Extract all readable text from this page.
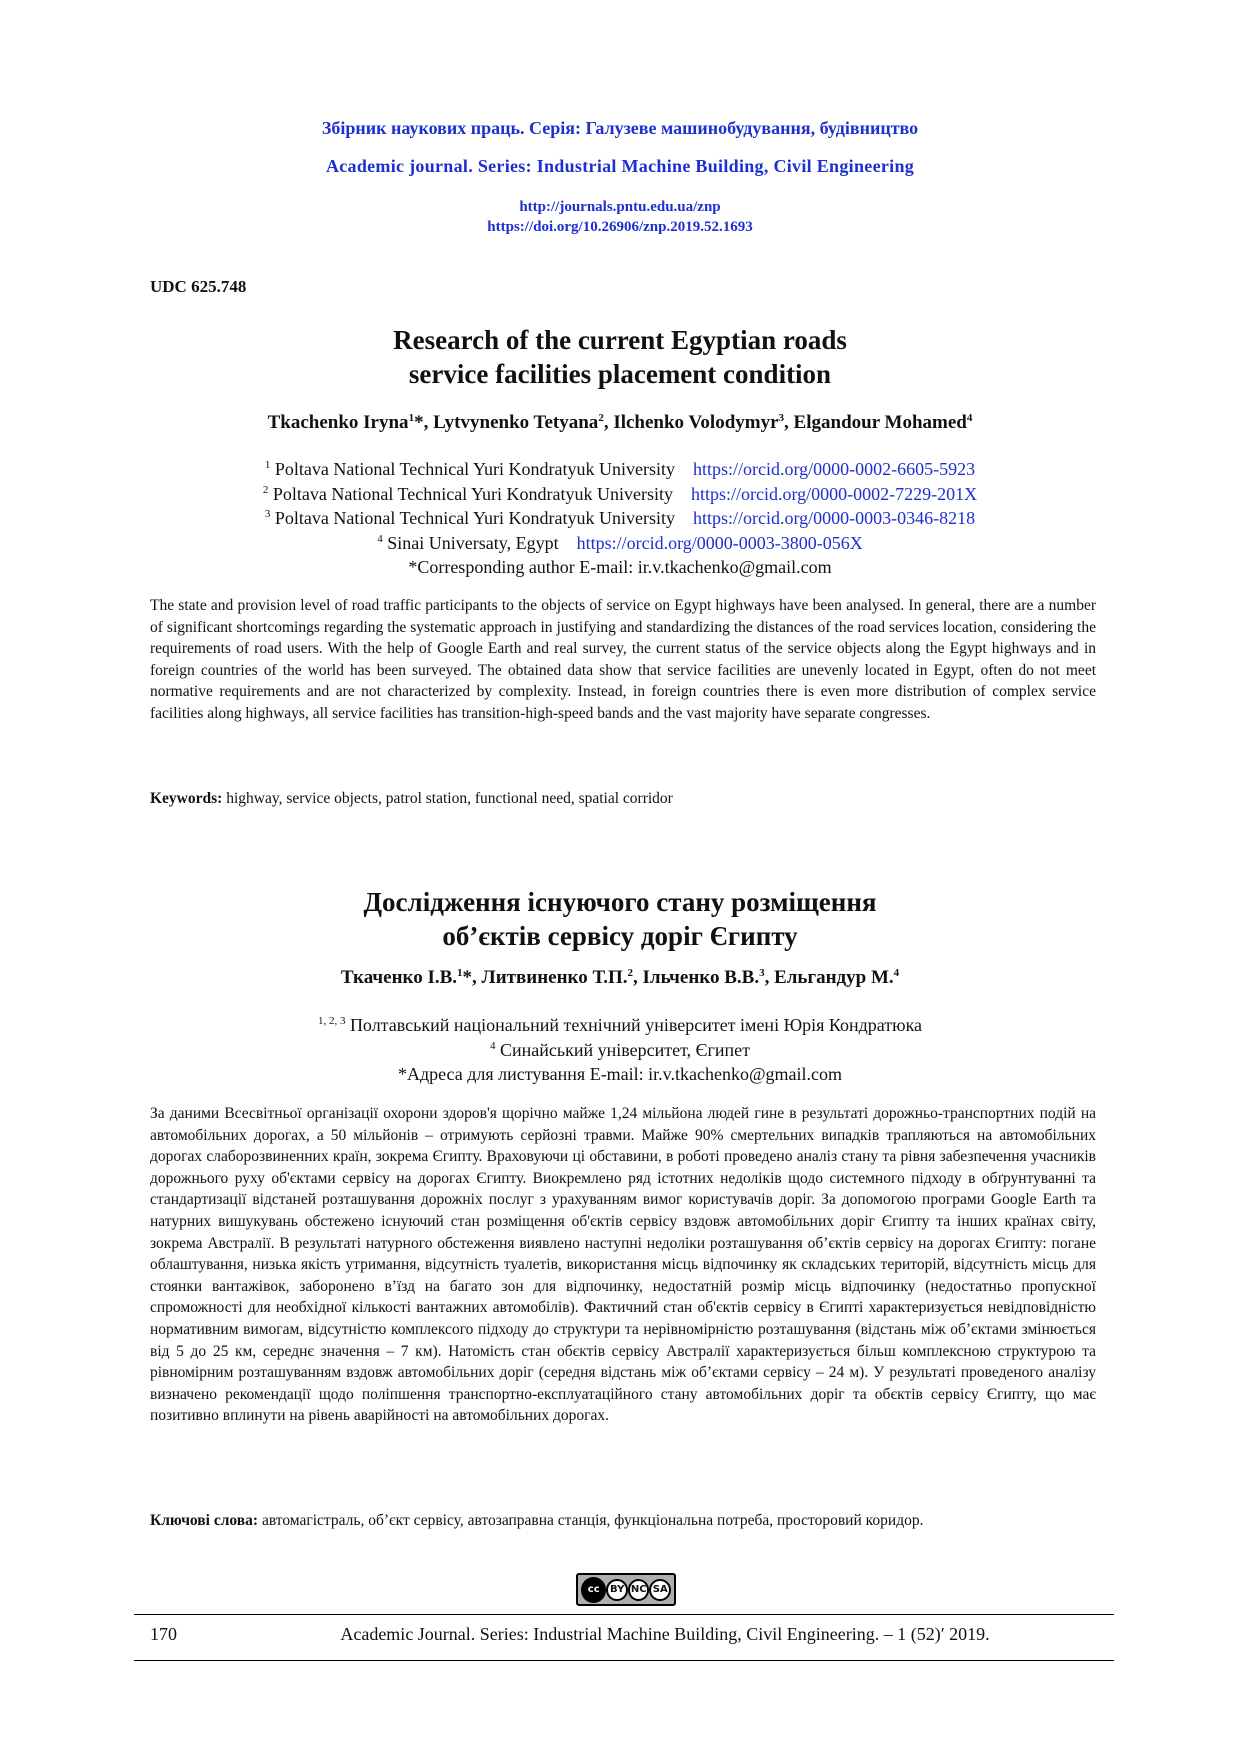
Збірник наукових праць. Серія: Галузеве машинобудування, будівництво
Academic journal. Series: Industrial Machine Building, Civil Engineering
http://journals.pntu.edu.ua/znp
https://doi.org/10.26906/znp.2019.52.1693
UDC 625.748
Research of the current Egyptian roads
service facilities placement condition
Tkachenko Iryna$^1$*, Lytvynenko Tetyana$^2$, Ilchenko Volodymyr$^3$, Elgandour Mohamed$^4$
$^1$ Poltava National Technical Yuri Kondratyuk University https://orcid.org/0000-0002-6605-5923
$^2$ Poltava National Technical Yuri Kondratyuk University https://orcid.org/0000-0002-7229-201X
$^3$ Poltava National Technical Yuri Kondratyuk University https://orcid.org/0000-0003-0346-8218
$^4$ Sinai Universaty, Egypt https://orcid.org/0000-0003-3800-056X
*Corresponding author E-mail: ir.v.tkachenko@gmail.com
The state and provision level of road traffic participants to the objects of service on Egypt highways have been analysed. In general, there are a number of significant shortcomings regarding the systematic approach in justifying and standardizing the distances of the road services location, considering the requirements of road users. With the help of Google Earth and real survey, the current status of the service objects along the Egypt highways and in foreign countries of the world has been surveyed. The obtained data show that service facilities are unevenly located in Egypt, often do not meet normative requirements and are not characterized by complexity. Instead, in foreign countries there is even more distribution of complex service facilities along highways, all service facilities has transition-high-speed bands and the vast majority have separate congresses.
Keywords: highway, service objects, patrol station, functional need, spatial corridor
Дослідження існуючого стану розміщення
об’єктів сервісу доріг Єгипту
Ткаченко І.В.$^1$*, Литвиненко Т.П.$^2$, Ільченко В.В.$^3$, Ельгандур М.$^4$
$^{1, 2, 3}$ Полтавський національний технічний університет імені Юрія Кондратюка
$^4$ Синайський університет, Єгипет
*Адреса для листування E-mail: ir.v.tkachenko@gmail.com
За даними Всесвітньої організації охорони здоров'я щорічно майже 1,24 мільйона людей гине в результаті дорожньо-транспортних подій на автомобільних дорогах, а 50 мільйонів – отримують серйозні травми. Майже 90% смертельних випадків трапляються на автомобільних дорогах слаборозвиненних країн, зокрема Єгипту. Враховуючи ці обставини, в роботі проведено аналіз стану та рівня забезпечення учасників дорожнього руху об'єктами сервісу на дорогах Єгипту. Виокремлено ряд істотних недоліків щодо системного підходу в обґрунтуванні та стандартизації відстаней розташування дорожніх послуг з урахуванням вимог користувачів доріг. За допомогою програми Google Earth та натурних вишукувань обстежено існуючий стан розміщення об'єктів сервісу вздовж автомобільних доріг Єгипту та інших країнах світу, зокрема Австралії. В результаті натурного обстеження виявлено наступні недоліки розташування об’єктів сервісу на дорогах Єгипту: погане облаштування, низька якість утримання, відсутність туалетів, використання місць відпочинку як складських територій, відсутність місць для стоянки вантажівок, заборонено в’їзд на багато зон для відпочинку, недостатній розмір місць відпочинку (недостатньо пропускної спроможності для необхідної кількості вантажних автомобілів). Фактичний стан об'єктів сервісу в Єгипті характеризується невідповідністю нормативним вимогам, відсутністю комплексого підходу до структури та нерівномірністю розташування (відстань між об’єктами змінюється від 5 до 25 км, середнє значення – 7 км). Натомість стан обєктів сервісу Австралії характеризується більш комплексною структурою та рівномірним розташуванням вздовж автомобільних доріг (середня відстань між об’єктами сервісу – 24 м). У результаті проведеного аналізу визначено рекомендації щодо поліпшення транспортно-експлуатаційного стану автомобільних доріг та обєктів сервісу Єгипту, що має позитивно вплинути на рівень аварійності на автомобільних дорогах.
Ключові слова: автомагістраль, об’єкт сервісу, автозаправна станція, функціональна потреба, просторовий коридор.
cc	BY NC SA
170	Academic Journal. Series: Industrial Machine Building, Civil Engineering. – 1 (52)′ 2019.
